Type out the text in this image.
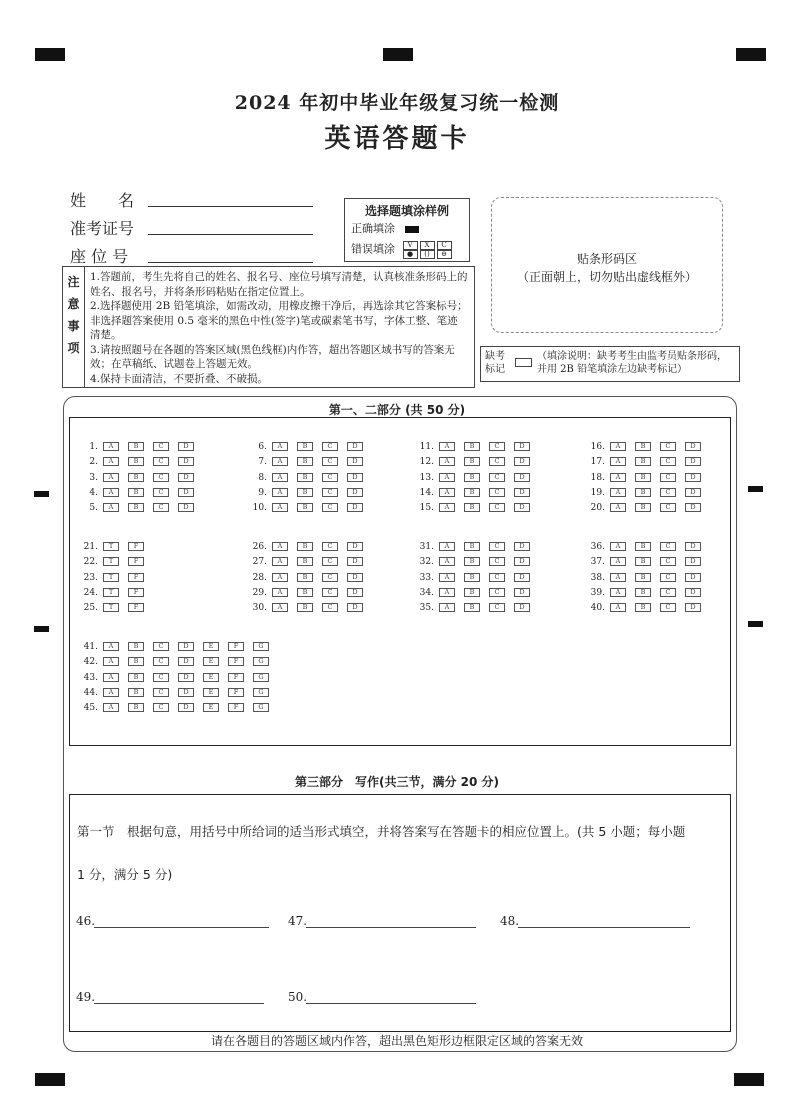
2024 年初中毕业年级复习统一检测
英语答题卡
姓　　名
准考证号
座 位 号
选择题填涂样例
正确填涂
错误填涂 V X C
● () ⊖	贴条形码区
（正面朝上，切勿贴出虚线框外）
注
意
事
项
1.答题前，考生先将自己的姓名、报名号、座位号填写清楚，认真核准条形码上的姓名、报名号，并将条形码粘贴在指定位置上。
2.选择题使用 2B 铅笔填涂，如需改动，用橡皮擦干净后，再选涂其它答案标号；非选择题答案使用 0.5 毫米的黑色中性(签字)笔或碳素笔书写，字体工整、笔迹清楚。
3.请按照题号在各题的答案区域(黑色线框)内作答，超出答题区域书写的答案无效；在草稿纸、试题卷上答题无效。
4.保持卡面清洁，不要折叠、不破损。
缺考标记
（填涂说明：缺考考生由监考员贴条形码，并用 2B 铅笔填涂左边缺考标记）
第一、二部分 (共 50 分)
1. A	B	C	D
2. A	B	C	D
3. A	B	C	D
4. A	B	C	D
5. A	B	C	D
6. A	B	C	D
7. A	B	C	D
8. A	B	C	D
9. A	B	C	D
10. A	B	C	D
11. A	B	C	D
12. A	B	C	D
13. A	B	C	D
14. A	B	C	D
15. A	B	C	D
16. A	B	C	D
17. A	B	C	D
18. A	B	C	D
19. A	B	C	D
20. A	B	C	D
21. T	F
22. T	F
23. T	F
24. T	F
25. T	F
26. A	B	C	D
27. A	B	C	D
28. A	B	C	D
29. A	B	C	D
30. A	B	C	D
31. A	B	C	D
32. A	B	C	D
33. A	B	C	D
34. A	B	C	D
35. A	B	C	D
36. A	B	C	D
37. A	B	C	D
38. A	B	C	D
39. A	B	C	D
40. A	B	C	D
41. A	B	C	D	E	F	G
42. A	B	C	D	E	F	G
43. A	B	C	D	E	F	G
44. A	B	C	D	E	F	G
45. A	B	C	D	E	F	G
第三部分　写作(共三节，满分 20 分)
第一节　根据句意，用括号中所给词的适当形式填空，并将答案写在答题卡的相应位置上。(共 5 小题；每小题
1 分，满分 5 分)
46.	47.	48.
49.	50.
请在各题目的答题区域内作答，超出黑色矩形边框限定区域的答案无效
